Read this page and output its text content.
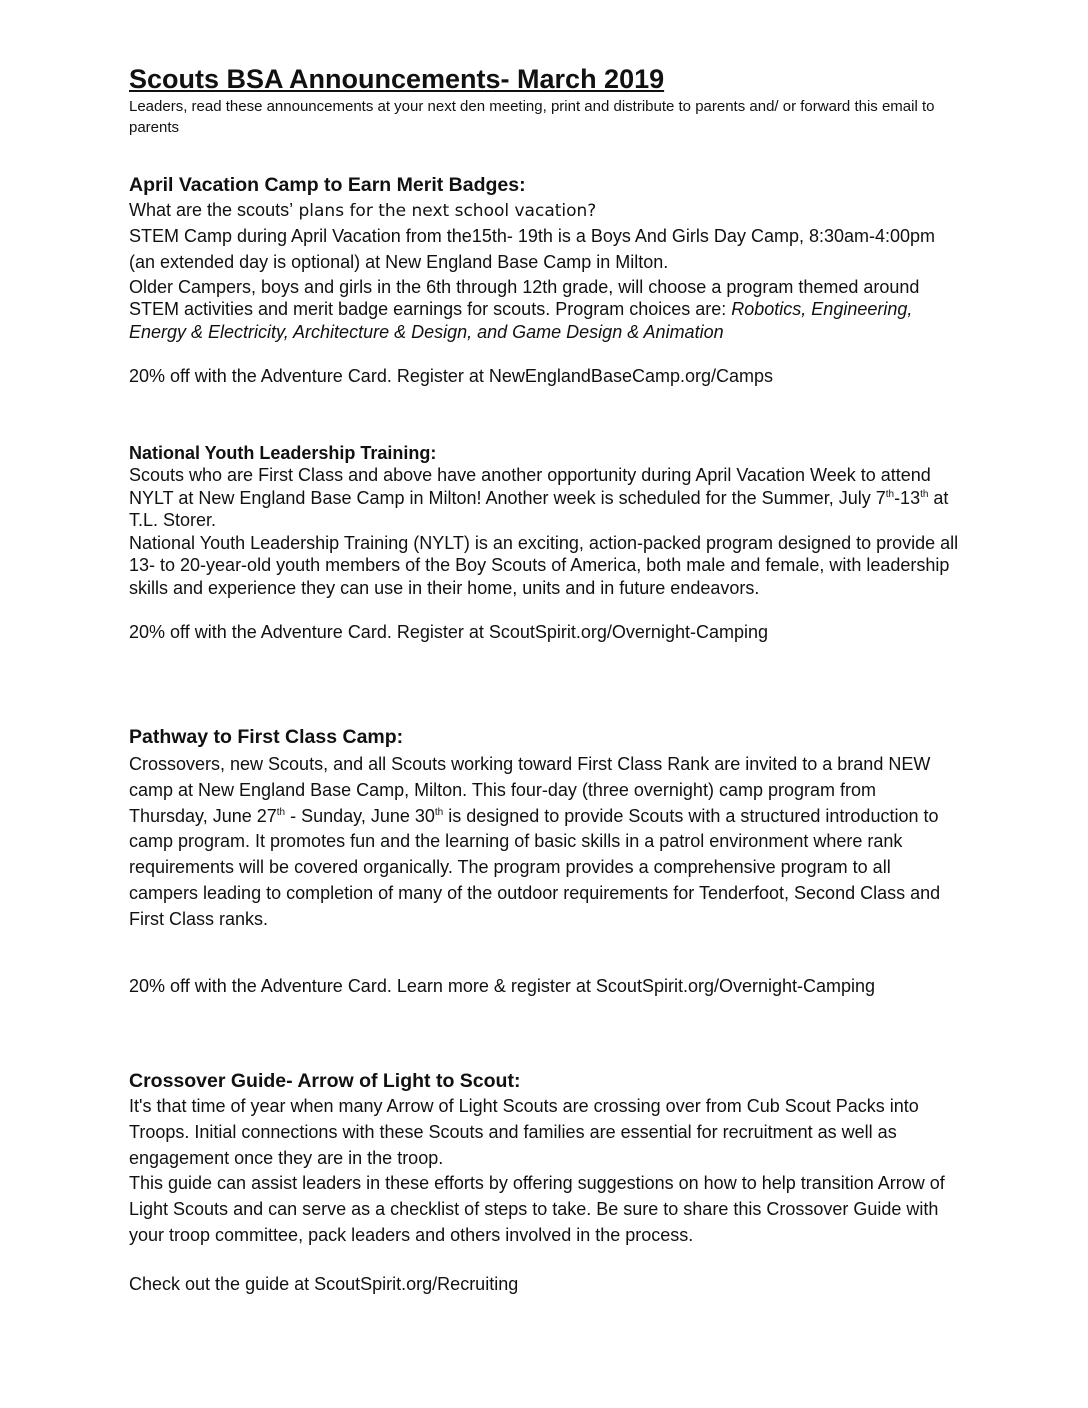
Scouts BSA Announcements- March 2019

Leaders, read these announcements at your next den meeting, print and distribute to parents and/ or forward this email to parents

April Vacation Camp to Earn Merit Badges:

What are the scouts’ plans for the next school vacation?

STEM Camp during April Vacation from the15th- 19th is a Boys And Girls Day Camp, 8:30am-4:00pm (an extended day is optional) at New England Base Camp in Milton.

Older Campers, boys and girls in the 6th through 12th grade, will choose a program themed around STEM activities and merit badge earnings for scouts. Program choices are: Robotics, Engineering, Energy & Electricity, Architecture & Design, and Game Design & Animation

20% off with the Adventure Card. Register at NewEnglandBaseCamp.org/Camps

National Youth Leadership Training:

Scouts who are First Class and above have another opportunity during April Vacation Week to attend NYLT at New England Base Camp in Milton! Another week is scheduled for the Summer, July 7th-13th at T.L. Storer.

National Youth Leadership Training (NYLT) is an exciting, action-packed program designed to provide all 13- to 20-year-old youth members of the Boy Scouts of America, both male and female, with leadership skills and experience they can use in their home, units and in future endeavors.

20% off with the Adventure Card. Register at ScoutSpirit.org/Overnight-Camping

Pathway to First Class Camp:

Crossovers, new Scouts, and all Scouts working toward First Class Rank are invited to a brand NEW camp at New England Base Camp, Milton. This four-day (three overnight) camp program from Thursday, June 27th - Sunday, June 30th is designed to provide Scouts with a structured introduction to camp program. It promotes fun and the learning of basic skills in a patrol environment where rank requirements will be covered organically. The program provides a comprehensive program to all campers leading to completion of many of the outdoor requirements for Tenderfoot, Second Class and First Class ranks.

20% off with the Adventure Card. Learn more & register at ScoutSpirit.org/Overnight-Camping

Crossover Guide- Arrow of Light to Scout:

It's that time of year when many Arrow of Light Scouts are crossing over from Cub Scout Packs into Troops. Initial connections with these Scouts and families are essential for recruitment as well as engagement once they are in the troop.

This guide can assist leaders in these efforts by offering suggestions on how to help transition Arrow of Light Scouts and can serve as a checklist of steps to take. Be sure to share this Crossover Guide with your troop committee, pack leaders and others involved in the process.

Check out the guide at ScoutSpirit.org/Recruiting
